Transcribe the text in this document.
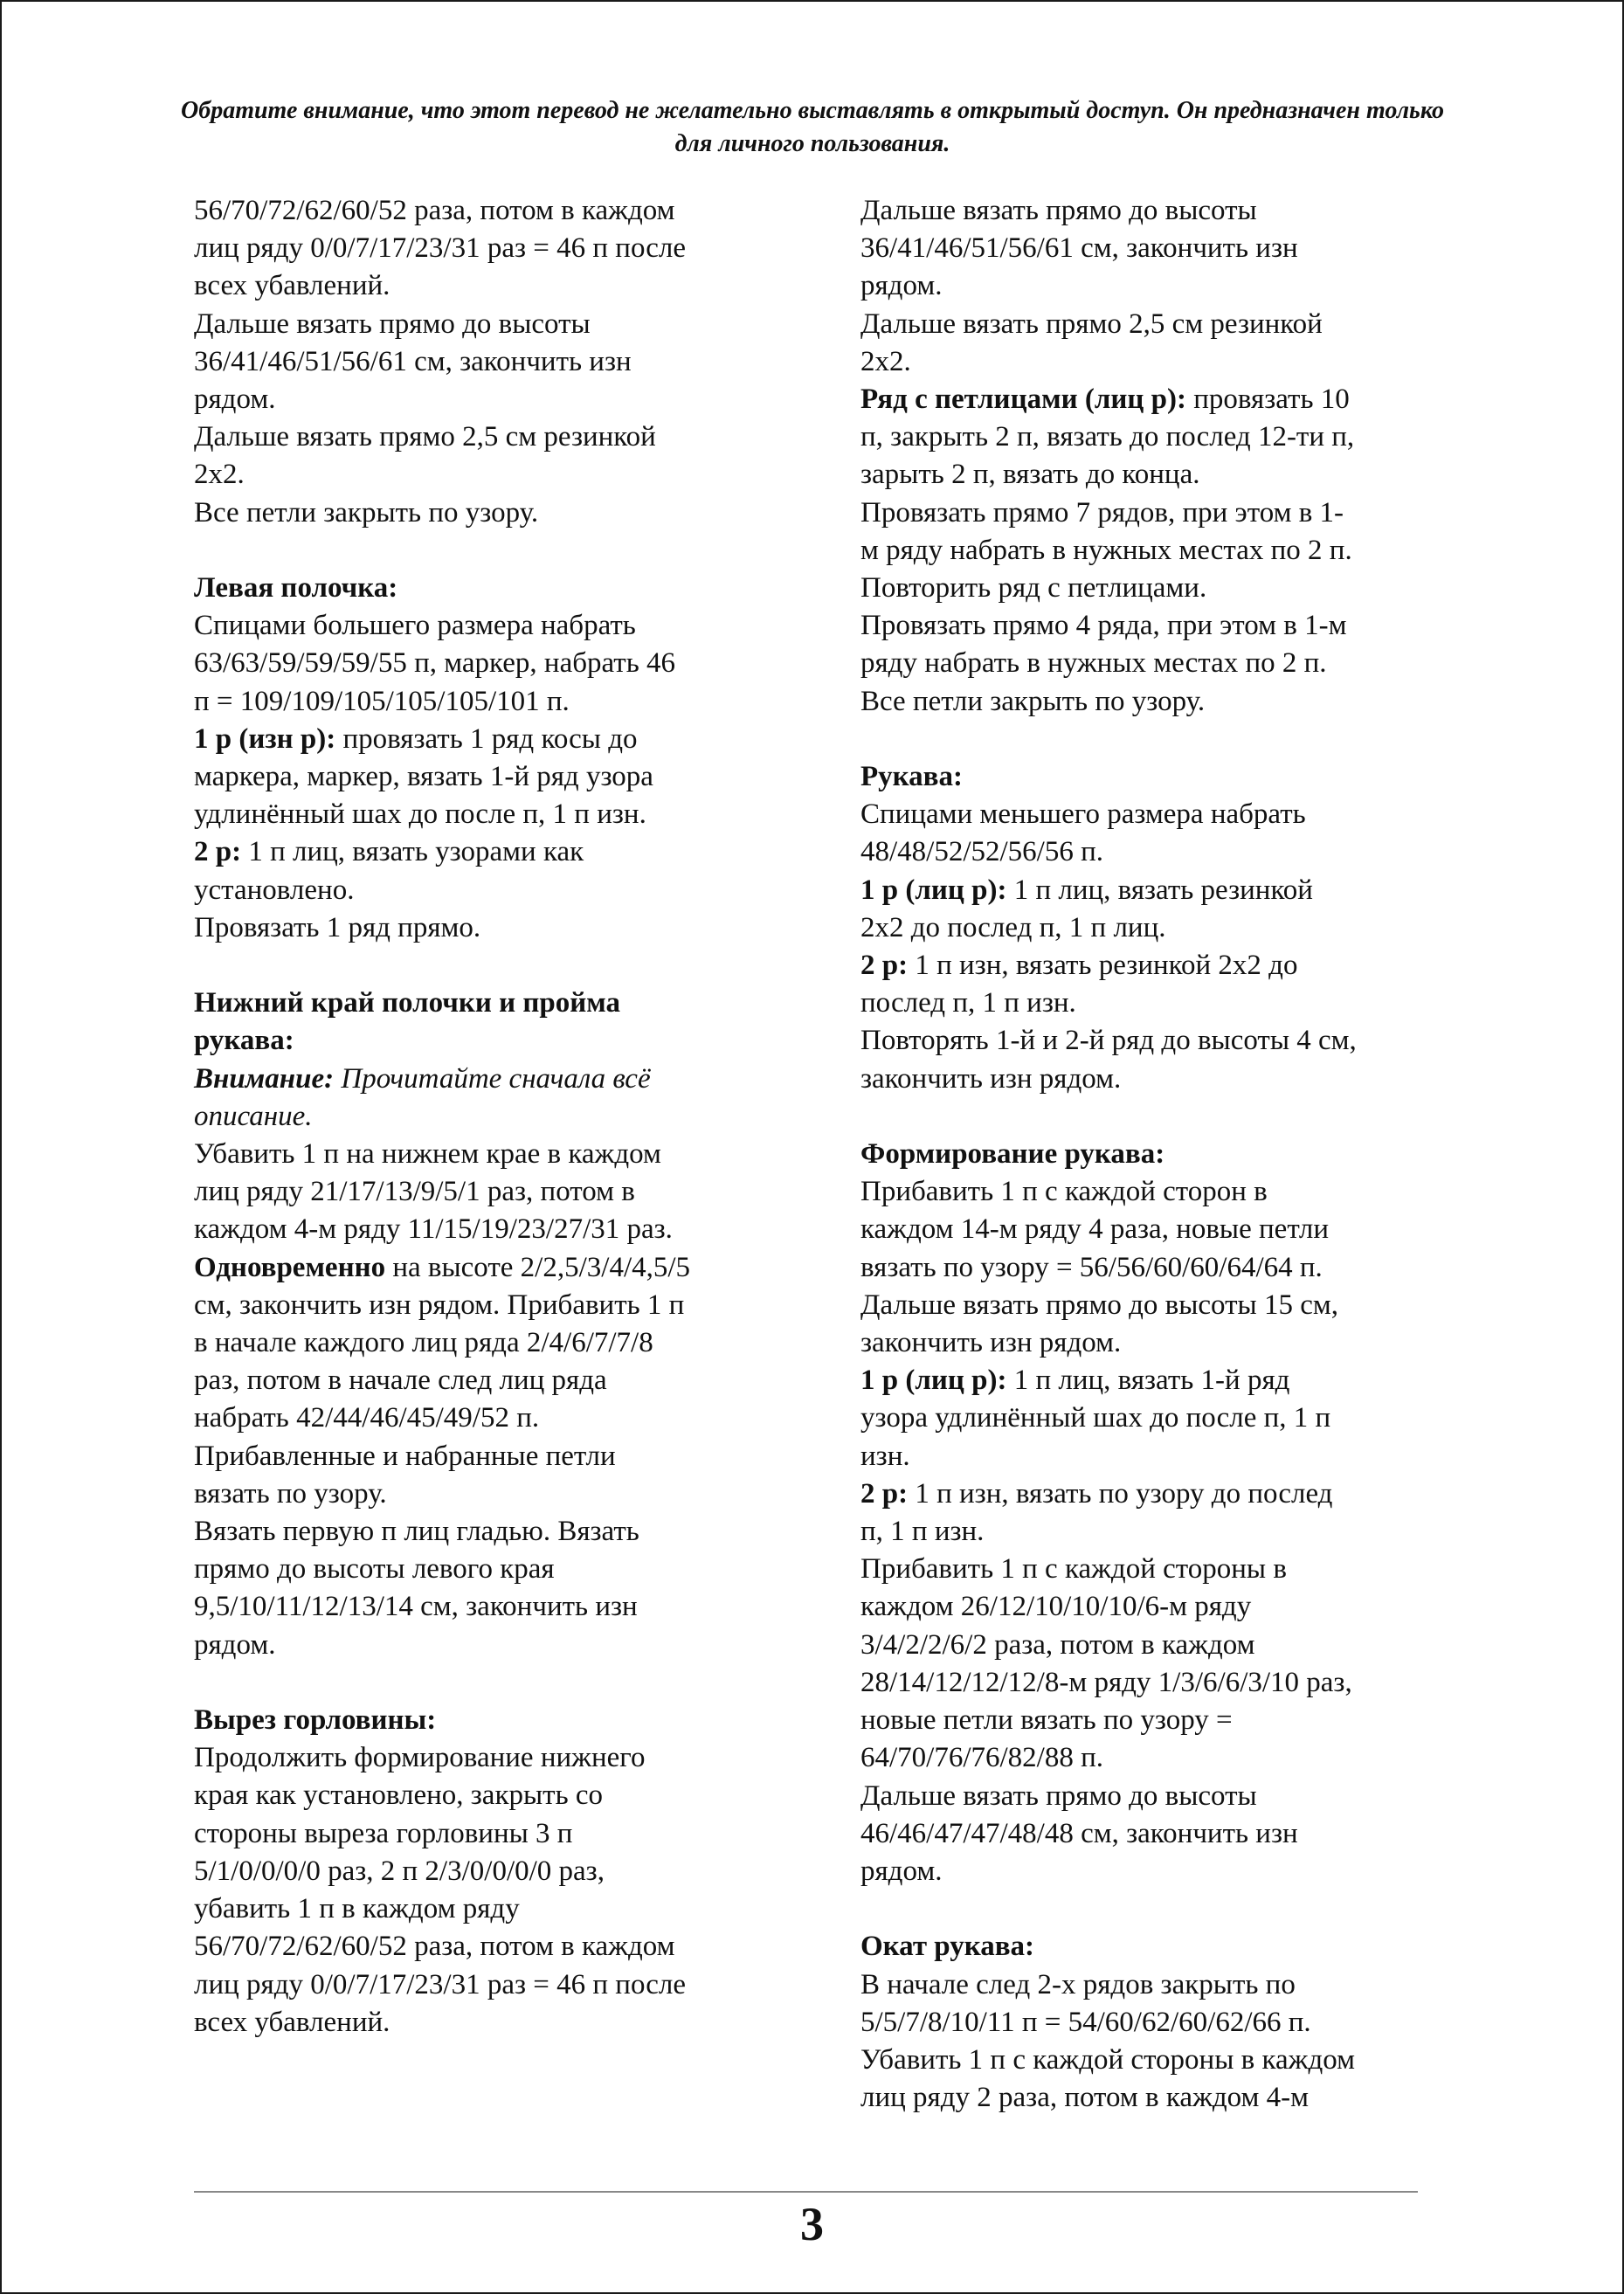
Обратите внимание, что этот перевод не желательно выставлять в открытый доступ. Он предназначен только для личного пользования.
56/70/72/62/60/52 раза, потом в каждом
лиц ряду 0/0/7/17/23/31 раз = 46 п после
всех убавлений.
Дальше вязать прямо до высоты
36/41/46/51/56/61 см, закончить изн
рядом.
Дальше вязать прямо 2,5 см резинкой
2х2.
Все петли закрыть по узору.
Левая полочка:
Спицами большего размера набрать
63/63/59/59/59/55 п, маркер, набрать 46
п = 109/109/105/105/105/101 п.
1 р (изн р): провязать 1 ряд косы до
маркера, маркер, вязать 1-й ряд узора
удлинённый шах до после п, 1 п изн.
2 р: 1 п лиц, вязать узорами как
установлено.
Провязать 1 ряд прямо.
Нижний край полочки и пройма
рукава:
Внимание: Прочитайте сначала всё
описание.
Убавить 1 п на нижнем крае в каждом
лиц ряду 21/17/13/9/5/1 раз, потом в
каждом 4-м ряду 11/15/19/23/27/31 раз.
Одновременно на высоте 2/2,5/3/4/4,5/5
см, закончить изн рядом. Прибавить 1 п
в начале каждого лиц ряда 2/4/6/7/7/8
раз, потом в начале след лиц ряда
набрать 42/44/46/45/49/52 п.
Прибавленные и набранные петли
вязать по узору.
Вязать первую п лиц гладью. Вязать
прямо до высоты левого края
9,5/10/11/12/13/14 см, закончить изн
рядом.
Вырез горловины:
Продолжить формирование нижнего
края как установлено, закрыть со
стороны выреза горловины 3 п
5/1/0/0/0/0 раз, 2 п 2/3/0/0/0/0 раз,
убавить 1 п в каждом ряду
56/70/72/62/60/52 раза, потом в каждом
лиц ряду 0/0/7/17/23/31 раз = 46 п после
всех убавлений.
Дальше вязать прямо до высоты
36/41/46/51/56/61 см, закончить изн
рядом.
Дальше вязать прямо 2,5 см резинкой
2х2.
Ряд с петлицами (лиц р): провязать 10
п, закрыть 2 п, вязать до послед 12-ти п,
зарыть 2 п, вязать до конца.
Провязать прямо 7 рядов, при этом в 1-
м ряду набрать в нужных местах по 2 п.
Повторить ряд с петлицами.
Провязать прямо 4 ряда, при этом в 1-м
ряду набрать в нужных местах по 2 п.
Все петли закрыть по узору.
Рукава:
Спицами меньшего размера набрать
48/48/52/52/56/56 п.
1 р (лиц р): 1 п лиц, вязать резинкой
2х2 до послед п, 1 п лиц.
2 р: 1 п изн, вязать резинкой 2х2 до
послед п, 1 п изн.
Повторять 1-й и 2-й ряд до высоты 4 см,
закончить изн рядом.
Формирование рукава:
Прибавить 1 п с каждой сторон в
каждом 14-м ряду 4 раза, новые петли
вязать по узору = 56/56/60/60/64/64 п.
Дальше вязать прямо до высоты 15 см,
закончить изн рядом.
1 р (лиц р): 1 п лиц, вязать 1-й ряд
узора удлинённый шах до после п, 1 п
изн.
2 р: 1 п изн, вязать по узору до послед
п, 1 п изн.
Прибавить 1 п с каждой стороны в
каждом 26/12/10/10/10/6-м ряду
3/4/2/2/6/2 раза, потом в каждом
28/14/12/12/12/8-м ряду 1/3/6/6/3/10 раз,
новые петли вязать по узору =
64/70/76/76/82/88 п.
Дальше вязать прямо до высоты
46/46/47/47/48/48 см, закончить изн
рядом.
Окат рукава:
В начале след 2-х рядов закрыть по
5/5/7/8/10/11 п = 54/60/62/60/62/66 п.
Убавить 1 п с каждой стороны в каждом
лиц ряду 2 раза, потом в каждом 4-м
3
